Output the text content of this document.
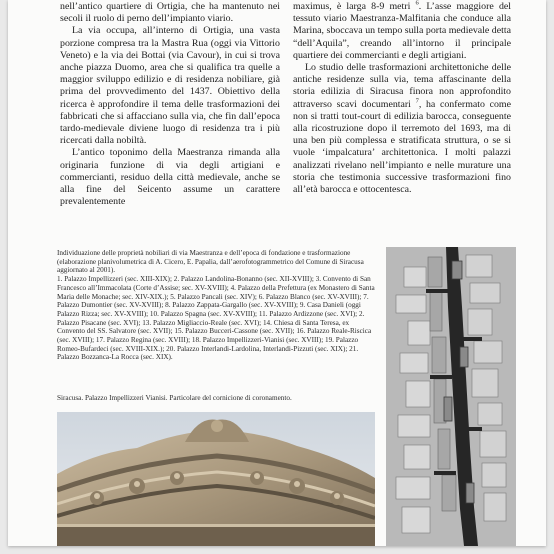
nell’antico quartiere di Ortigia, che ha mantenuto nei secoli il ruolo di perno dell’impianto viario.

La via occupa, all’interno di Ortigia, una vasta porzione compresa tra la Mastra Rua (oggi via Vittorio Veneto) e la via dei Bottai (via Cavour), in cui si trova anche piazza Duomo, area che si qualifica tra quelle a maggior sviluppo edilizio e di residenza nobiliare, già prima del provvedimento del 1437. Obiettivo della ricerca è approfondire il tema delle trasformazioni dei fabbricati che si affacciano sulla via, che fin dall’epoca tardo-medievale diviene luogo di residenza tra i più ricercati dalla nobiltà.

L’antico toponimo della Maestranza rimanda alla originaria funzione di via degli artigiani e commercianti, residuo della città medievale, anche se alla fine del Seicento assume un carattere prevalentemente

maximus, è larga 8-9 metri $^6$. L’asse maggiore del tessuto viario Maestranza-Malfitania che conduce alla Marina, sboccava un tempo sulla porta medievale detta “dell’Aquila”, creando all’intorno il principale quartiere dei commercianti e degli artigiani.

Lo studio delle trasformazioni architettoniche delle antiche residenze sulla via, tema affascinante della storia edilizia di Siracusa finora non approfondito attraverso scavi documentari $^7$, ha confermato come non si tratti tout-court di edilizia barocca, conseguente alla ricostruzione dopo il terremoto del 1693, ma di una ben più complessa e stratificata struttura, o se si vuole ‘impalcatura’ architettonica. I molti palazzi analizzati rivelano nell’impianto e nelle murature una storia che testimonia successive trasformazioni fino all’età barocca e ottocentesca.

Individuazione delle proprietà nobiliari di via Maestranza e dell’epoca di fondazione e trasformazione (elaborazione planivolumetrica di A. Cicero, E. Papalia, dall’aerofotogrammetrico del Comune di Siracusa aggiornato al 2001).

1. Palazzo Impellizzeri (sec. XIII-XIX); 2. Palazzo Landolina-Bonanno (sec. XII-XVIII); 3. Convento di San Francesco all’Immacolata (Corte d’Assise; sec. XV-XVIII); 4. Palazzo della Prefettura (ex Monastero di Santa Maria delle Monache; sec. XIV-XIX.); 5. Palazzo Pancali (sec. XIV); 6. Palazzo Blanco (sec. XV-XVIII); 7. Palazzo Dumontier (sec. XV-XVIII); 8. Palazzo Zappata-Gargallo (sec. XV-XVIII); 9. Casa Danieli (oggi Palazzo Rizza; sec. XV-XVIII); 10. Palazzo Spagna (sec. XV-XVIII); 11. Palazzo Ardizzone (sec. XVI); 2. Palazzo Pisacane (sec. XVI); 13. Palazzo Migliaccio-Reale (sec. XVI); 14. Chiesa di Santa Teresa, ex Convento del SS. Salvatore (sec. XVII); 15. Palazzo Bucceri-Cassone (sec. XVII); 16. Palazzo Reale-Riscica (sec. XVIII); 17. Palazzo Regina (sec. XVIII); 18. Palazzo Impellizzeri-Vianisi (sec. XVIII); 19. Palazzo Romeo-Bufardeci (sec. XVIII-XIX.); 20. Palazzo Interlandi-Lardolina, Interlandi-Pizzuti (sec. XIX); 21. Palazzo Bozzanca-La Rocca (sec. XIX).

Siracusa. Palazzo Impellizzeri Vianisi. Particolare del cornicione di coronamento.
